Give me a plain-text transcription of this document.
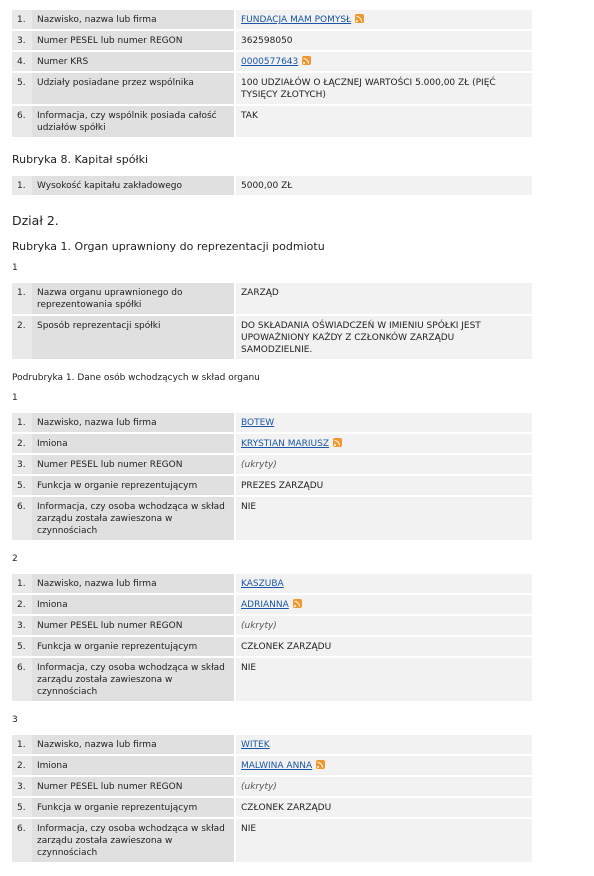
1.	Nazwisko, nazwa lub firma	FUNDACJA MAM POMYSŁ
3.	Numer PESEL lub numer REGON	362598050
4.	Numer KRS	0000577643
5.	Udziały posiadane przez wspólnika	100 UDZIAŁÓW O ŁĄCZNEJ WARTOŚCI 5.000,00 ZŁ (PIĘĆ TYSIĘCY ZŁOTYCH)
6.	Informacja, czy wspólnik posiada całość udziałów spółki	TAK
Rubryka 8. Kapitał spółki
1.	Wysokość kapitału zakładowego	5000,00 ZŁ
Dział 2.
Rubryka 1. Organ uprawniony do reprezentacji podmiotu
1
1.	Nazwa organu uprawnionego do reprezentowania spółki	ZARZĄD
2.	Sposób reprezentacji spółki	DO SKŁADANIA OŚWIADCZEŃ W IMIENIU SPÓŁKI JEST UPOWAŻNIONY KAŻDY Z CZŁONKÓW ZARZĄDU SAMODZIELNIE.
Podrubryka 1. Dane osób wchodzących w skład organu
1
1.	Nazwisko, nazwa lub firma	BOTEW
2.	Imiona	KRYSTIAN MARIUSZ
3.	Numer PESEL lub numer REGON	(ukryty)
5.	Funkcja w organie reprezentującym	PREZES ZARZĄDU
6.	Informacja, czy osoba wchodząca w skład zarządu została zawieszona w czynnościach	NIE
2
1.	Nazwisko, nazwa lub firma	KASZUBA
2.	Imiona	ADRIANNA
3.	Numer PESEL lub numer REGON	(ukryty)
5.	Funkcja w organie reprezentującym	CZŁONEK ZARZĄDU
6.	Informacja, czy osoba wchodząca w skład zarządu została zawieszona w czynnościach	NIE
3
1.	Nazwisko, nazwa lub firma	WITEK
2.	Imiona	MALWINA ANNA
3.	Numer PESEL lub numer REGON	(ukryty)
5.	Funkcja w organie reprezentującym	CZŁONEK ZARZĄDU
6.	Informacja, czy osoba wchodząca w skład zarządu została zawieszona w czynnościach	NIE
